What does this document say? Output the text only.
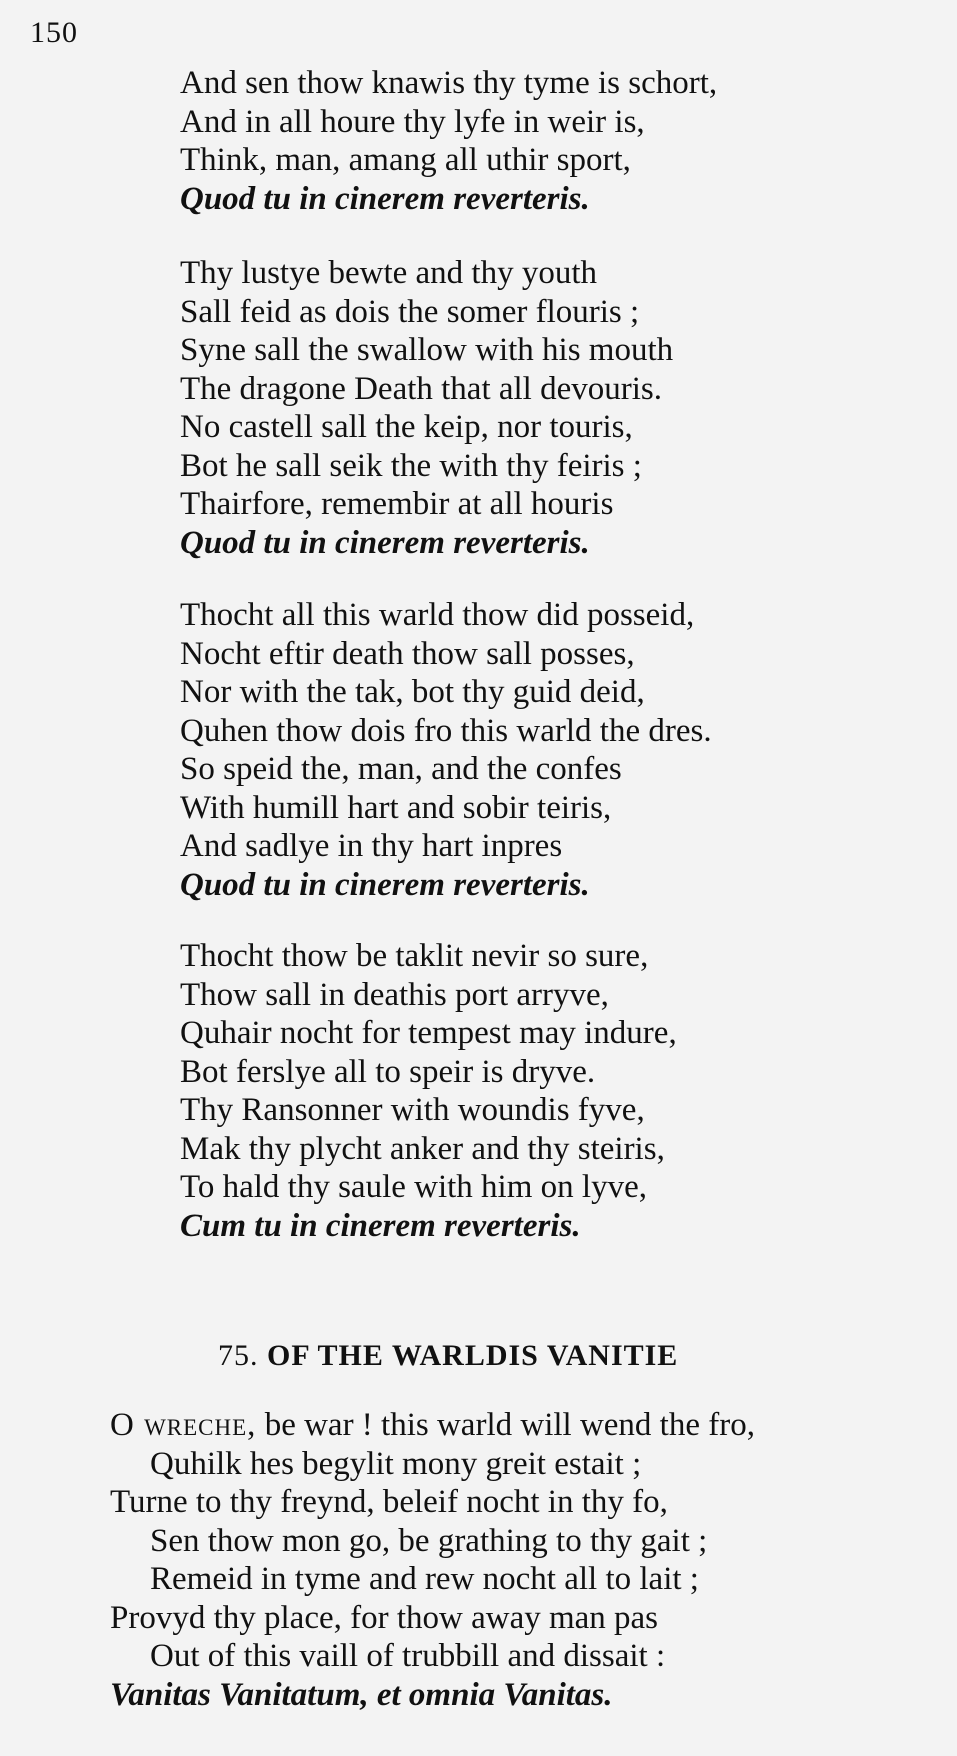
150

And sen thow knawis thy tyme is schort,
And in all houre thy lyfe in weir is,
Think, man, amang all uthir sport,
Quod tu in cinerem reverteris.
Thy lustye bewte and thy youth
Sall feid as dois the somer flouris ;
Syne sall the swallow with his mouth
The dragone Death that all devouris.
No castell sall the keip, nor touris,
Bot he sall seik the with thy feiris ;
Thairfore, remembir at all houris
Quod tu in cinerem reverteris.
Thocht all this warld thow did posseid,
Nocht eftir death thow sall posses,
Nor with the tak, bot thy guid deid,
Quhen thow dois fro this warld the dres.
So speid the, man, and the confes
With humill hart and sobir teiris,
And sadlye in thy hart inpres
Quod tu in cinerem reverteris.
Thocht thow be taklit nevir so sure,
Thow sall in deathis port arryve,
Quhair nocht for tempest may indure,
Bot ferslye all to speir is dryve.
Thy Ransonner with woundis fyve,
Mak thy plycht anker and thy steiris,
To hald thy saule with him on lyve,
Cum tu in cinerem reverteris.
75. OF THE WARLDIS VANITIE
O wreche, be war ! this warld will wend the fro,
Quhilk hes begylit mony greit estait ;
Turne to thy freynd, beleif nocht in thy fo,
Sen thow mon go, be grathing to thy gait ;
Remeid in tyme and rew nocht all to lait ;
Provyd thy place, for thow away man pas
Out of this vaill of trubbill and dissait :
Vanitas Vanitatum, et omnia Vanitas.
